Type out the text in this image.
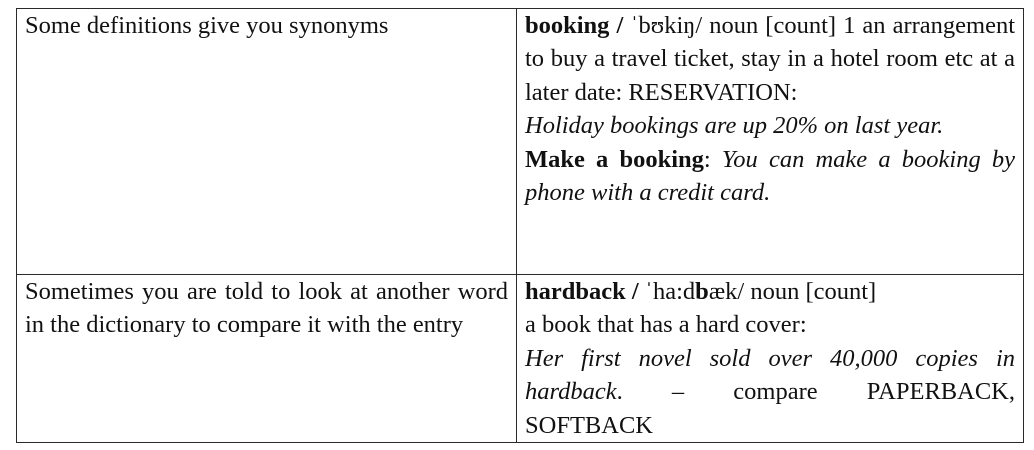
Some definitions give you synonyms	booking / ˈbʊkiŋ/ noun [count] 1 an arrangement to buy a travel ticket, stay in a hotel room etc at a later date: RESERVATION:
Holiday bookings are up 20% on last year.
Make a booking: You can make a booking by phone with a credit card.

Sometimes you are told to look at another word in the dictionary to compare it with the entry	hardback / ˈha:dbæk/ noun [count]
a book that has a hard cover:
Her first novel sold over 40,000 copies in hardback. – compare PAPERBACK, SOFTBACK
